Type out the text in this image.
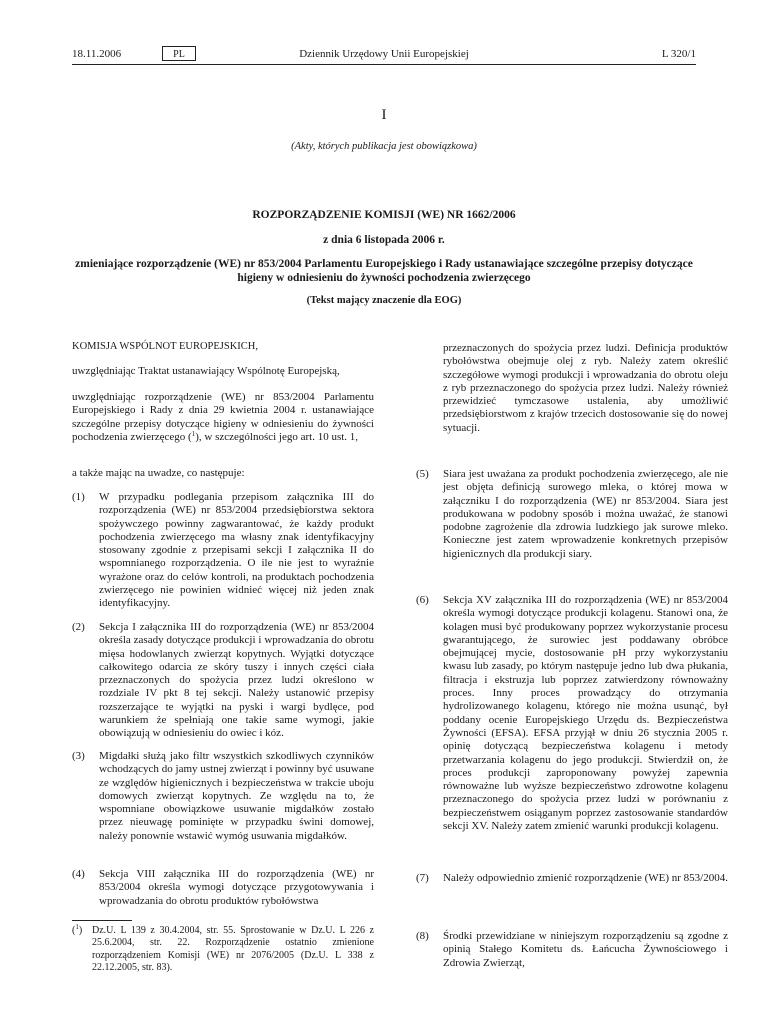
18.11.2006	PL	Dziennik Urzędowy Unii Europejskiej	L 320/1
I
(Akty, których publikacja jest obowiązkowa)
ROZPORZĄDZENIE KOMISJI (WE) NR 1662/2006
z dnia 6 listopada 2006 r.
zmieniające rozporządzenie (WE) nr 853/2004 Parlamentu Europejskiego i Rady ustanawiające szczególne przepisy dotyczące higieny w odniesieniu do żywności pochodzenia zwierzęcego
(Tekst mający znaczenie dla EOG)

KOMISJA WSPÓLNOT EUROPEJSKICH,

uwzględniając Traktat ustanawiający Wspólnotę Europejską,

uwzględniając rozporządzenie (WE) nr 853/2004 Parlamentu Europejskiego i Rady z dnia 29 kwietnia 2004 r. ustanawiające szczególne przepisy dotyczące higieny w odniesieniu do żywności pochodzenia zwierzęcego ($^1$), w szczególności jego art. 10 ust. 1,

a także mając na uwadze, co następuje:

(1) W przypadku podlegania przepisom załącznika III do rozporządzenia (WE) nr 853/2004 przedsiębiorstwa sektora spożywczego powinny zagwarantować, że każdy produkt pochodzenia zwierzęcego ma własny znak identyfikacyjny stosowany zgodnie z przepisami sekcji I załącznika II do wspomnianego rozporządzenia. O ile nie jest to wyraźnie wyrażone oraz do celów kontroli, na produktach pochodzenia zwierzęcego nie powinien widnieć więcej niż jeden znak identyfikacyjny.

(2) Sekcja I załącznika III do rozporządzenia (WE) nr 853/2004 określa zasady dotyczące produkcji i wprowadzania do obrotu mięsa hodowlanych zwierząt kopytnych. Wyjątki dotyczące całkowitego odarcia ze skóry tuszy i innych części ciała przeznaczonych do spożycia przez ludzi określono w rozdziale IV pkt 8 tej sekcji. Należy ustanowić przepisy rozszerzające te wyjątki na pyski i wargi bydlęce, pod warunkiem że spełniają one takie same wymogi, jakie obowiązują w odniesieniu do owiec i kóz.

(3) Migdałki służą jako filtr wszystkich szkodliwych czynników wchodzących do jamy ustnej zwierząt i powinny być usuwane ze względów higienicznych i bezpieczeństwa w trakcie uboju domowych zwierząt kopytnych. Ze względu na to, że wspomniane obowiązkowe usuwanie migdałków zostało przez nieuwagę pominięte w przypadku świni domowej, należy ponownie wstawić wymóg usuwania migdałków.

(4) Sekcja VIII załącznika III do rozporządzenia (WE) nr 853/2004 określa wymogi dotyczące przygotowywania i wprowadzania do obrotu produktów rybołówstwa

przeznaczonych do spożycia przez ludzi. Definicja produktów rybołówstwa obejmuje olej z ryb. Należy zatem określić szczegółowe wymogi produkcji i wprowadzania do obrotu oleju z ryb przeznaczonego do spożycia przez ludzi. Należy również przewidzieć tymczasowe ustalenia, aby umożliwić przedsiębiorstwom z krajów trzecich dostosowanie się do nowej sytuacji.

(5) Siara jest uważana za produkt pochodzenia zwierzęcego, ale nie jest objęta definicją surowego mleka, o której mowa w załączniku I do rozporządzenia (WE) nr 853/2004. Siara jest produkowana w podobny sposób i można uważać, że stanowi podobne zagrożenie dla zdrowia ludzkiego jak surowe mleko. Konieczne jest zatem wprowadzenie konkretnych przepisów higienicznych dla produkcji siary.

(6) Sekcja XV załącznika III do rozporządzenia (WE) nr 853/2004 określa wymogi dotyczące produkcji kolagenu. Stanowi ona, że kolagen musi być produkowany poprzez wykorzystanie procesu gwarantującego, że surowiec jest poddawany obróbce obejmującej mycie, dostosowanie pH przy wykorzystaniu kwasu lub zasady, po którym następuje jedno lub dwa płukania, filtracja i ekstruzja lub poprzez zatwierdzony równoważny proces. Inny proces prowadzący do otrzymania hydrolizowanego kolagenu, którego nie można usunąć, był poddany ocenie Europejskiego Urzędu ds. Bezpieczeństwa Żywności (EFSA). EFSA przyjął w dniu 26 stycznia 2005 r. opinię dotyczącą bezpieczeństwa kolagenu i metody przetwarzania kolagenu do jego produkcji. Stwierdził on, że proces produkcji zaproponowany powyżej zapewnia równoważne lub wyższe bezpieczeństwo zdrowotne kolagenu przeznaczonego do spożycia przez ludzi w porównaniu z bezpieczeństwem osiąganym poprzez zastosowanie standardów sekcji XV. Należy zatem zmienić warunki produkcji kolagenu.

(7) Należy odpowiednio zmienić rozporządzenie (WE) nr 853/2004.

(8) Środki przewidziane w niniejszym rozporządzeniu są zgodne z opinią Stałego Komitetu ds. Łańcucha Żywnościowego i Zdrowia Zwierząt,

($^1$) Dz.U. L 139 z 30.4.2004, str. 55. Sprostowanie w Dz.U. L 226 z 25.6.2004, str. 22. Rozporządzenie ostatnio zmienione rozporządzeniem Komisji (WE) nr 2076/2005 (Dz.U. L 338 z 22.12.2005, str. 83).
